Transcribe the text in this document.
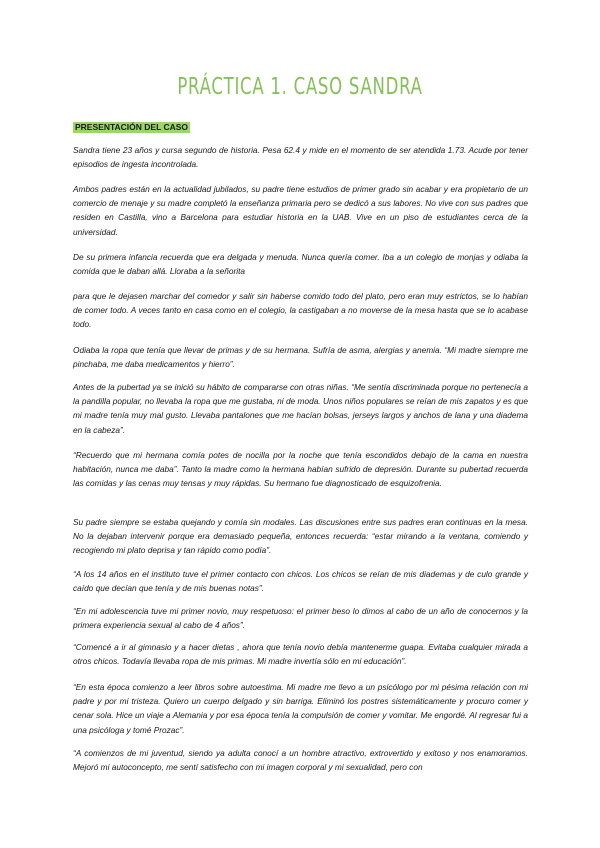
PRÁCTICA 1. CASO SANDRA
PRESENTACIÓN DEL CASO

Sandra tiene 23 años y cursa segundo de historia. Pesa 62.4 y mide en el momento de ser atendida 1.73. Acude por tener episodios de ingesta incontrolada.

Ambos padres están en la actualidad jubilados, su padre tiene estudios de primer grado sin acabar y era propietario de un comercio de menaje y su madre completó la enseñanza primaria pero se dedicó a sus labores. No vive con sus padres que residen en Castilla, vino a Barcelona para estudiar historia en la UAB. Vive en un piso de estudiantes cerca de la universidad.

De su primera infancia recuerda que era delgada y menuda. Nunca quería comer. Iba a un colegio de monjas y odiaba la comida que le daban allá. Lloraba a la señorita

para que le dejasen marchar del comedor y salir sin haberse comido todo del plato, pero eran muy estrictos, se lo habían de comer todo. A veces tanto en casa como en el colegio, la castigaban a no moverse de la mesa hasta que se lo acabase todo.

Odiaba la ropa que tenía que llevar de primas y de su hermana. Sufría de asma, alergias y anemia. “Mi madre siempre me pinchaba, me daba medicamentos y hierro”.

Antes de la pubertad ya se inició su hábito de compararse con otras niñas. “Me sentía discriminada porque no pertenecía a la pandilla popular, no llevaba la ropa que me gustaba, ni de moda. Unos niños populares se reían de mis zapatos y es que mi madre tenía muy mal gusto. Llevaba pantalones que me hacían bolsas, jerseys largos y anchos de lana y una diadema en la cabeza”.

“Recuerdo que mi hermana comía potes de nocilla por la noche que tenía escondidos debajo de la cama en nuestra habitación, nunca me daba”. Tanto la madre como la hermana habían sufrido de depresión. Durante su pubertad recuerda las comidas y las cenas muy tensas y muy rápidas. Su hermano fue diagnosticado de esquizofrenia.

Su padre siempre se estaba quejando y comía sin modales. Las discusiones entre sus padres eran continuas en la mesa. No la dejaban intervenir porque era demasiado pequeña, entonces recuerda: “estar mirando a la ventana, comiendo y recogiendo mi plato deprisa y tan rápido como podía”.

“A los 14 años en el instituto tuve el primer contacto con chicos. Los chicos se reían de mis diademas y de culo grande y caído que decían que tenía y de mis buenas notas”.

“En mi adolescencia tuve mi primer novio, muy respetuoso: el primer beso lo dimos al cabo de un año de conocernos y la primera experiencia sexual al cabo de 4 años”.

“Comencé a ir al gimnasio y a hacer dietas , ahora que tenía novio debía mantenerme guapa. Evitaba cualquier mirada a otros chicos. Todavía llevaba ropa de mis primas. Mi madre invertía sólo en mi educación”.

“En esta época comienzo a leer libros sobre autoestima. Mi madre me llevo a un psicólogo por mi pésima relación con mi padre y por mi tristeza. Quiero un cuerpo delgado y sin barriga. Eliminó los postres sistemáticamente y procuro comer y cenar sola. Hice un viaje a Alemania y por esa época tenía la compulsión de comer y vomitar. Me engordé. Al regresar fui a una psicóloga y tomé Prozac”.

“A comienzos de mi juventud, siendo ya adulta conocí a un hombre atractivo, extrovertido y exitoso y nos enamoramos. Mejoró mi autoconcepto, me sentí satisfecho con mi imagen corporal y mi sexualidad, pero con
